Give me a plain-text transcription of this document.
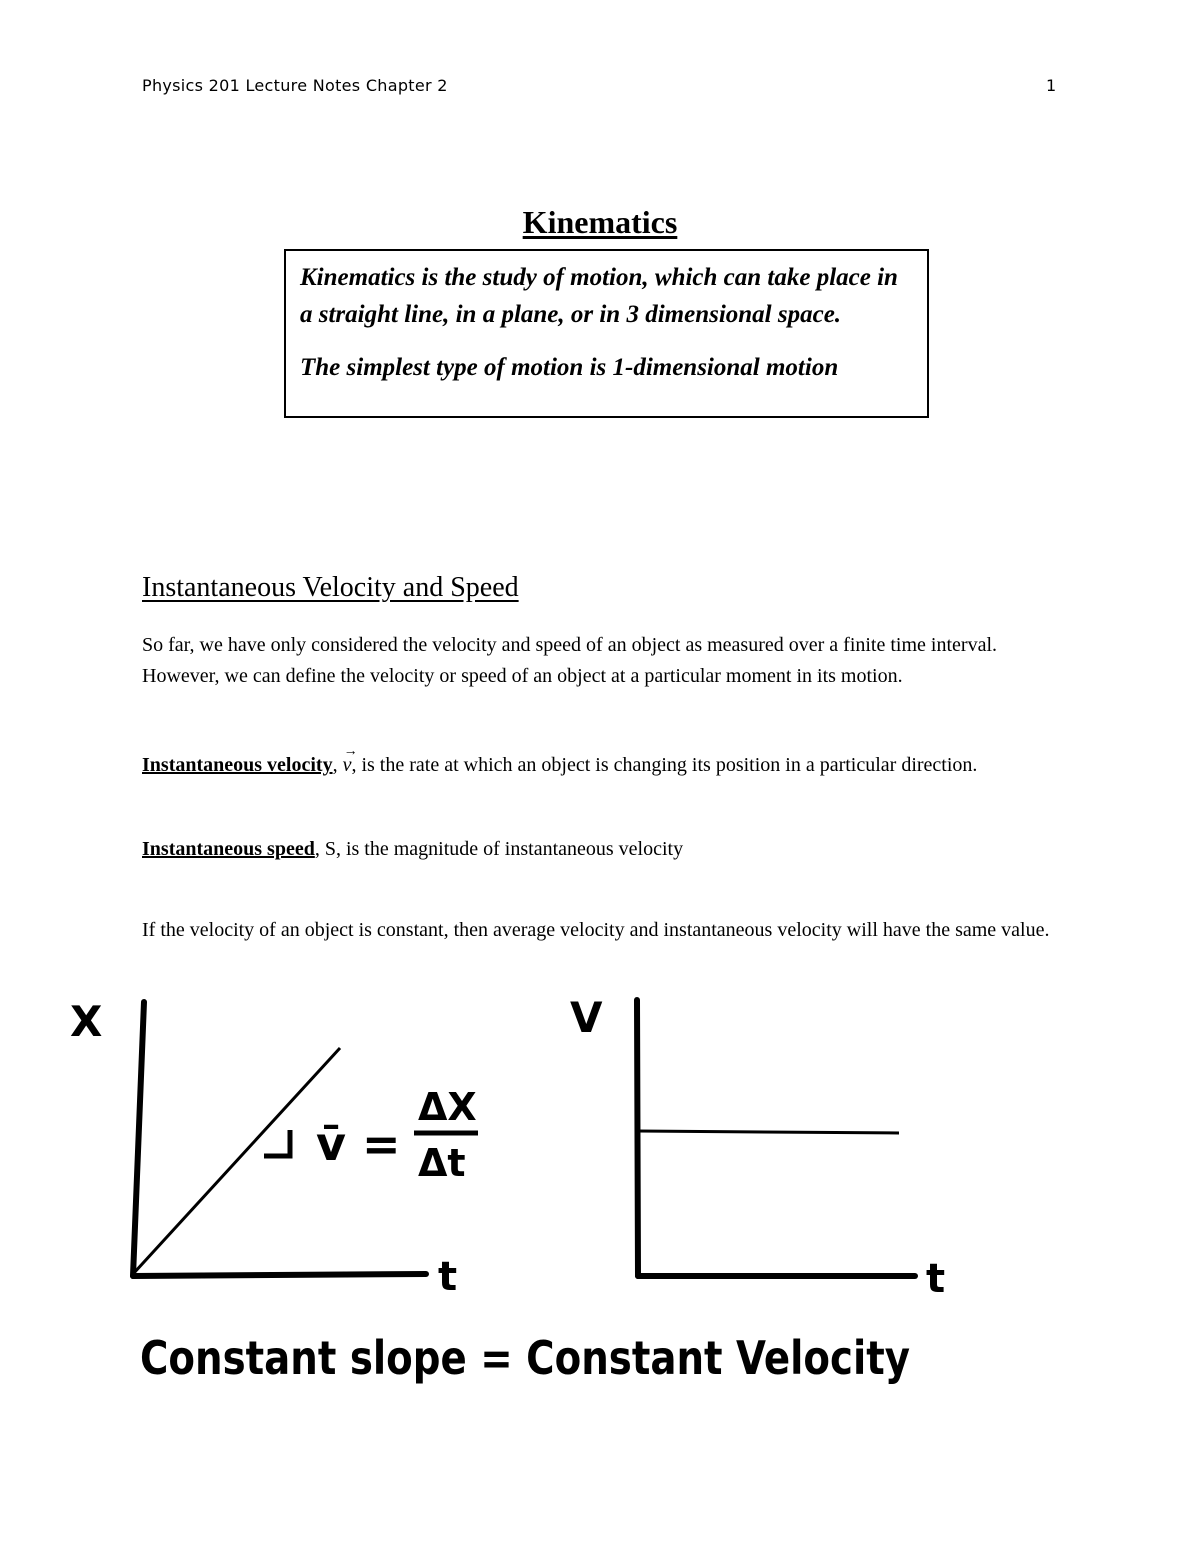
Physics 201 Lecture Notes Chapter 2	1
Kinematics

Kinematics is the study of motion, which can take place in a straight line, in a plane, or in 3 dimensional space.

The simplest type of motion is 1-dimensional motion

Instantaneous Velocity and Speed

So far, we have only considered the velocity and speed of an object as measured over a finite time interval. However, we can define the velocity or speed of an object at a particular moment in its motion.

Instantaneous velocity,
→
v, is the rate at which an object is changing its position in a particular direction.

Instantaneous speed, S, is the magnitude of instantaneous velocity

If the velocity of an object is constant, then average velocity and instantaneous velocity will have the same value.

X
t
v̄ =
ΔX
Δt
V
t
Constant slope = Constant Velocity
